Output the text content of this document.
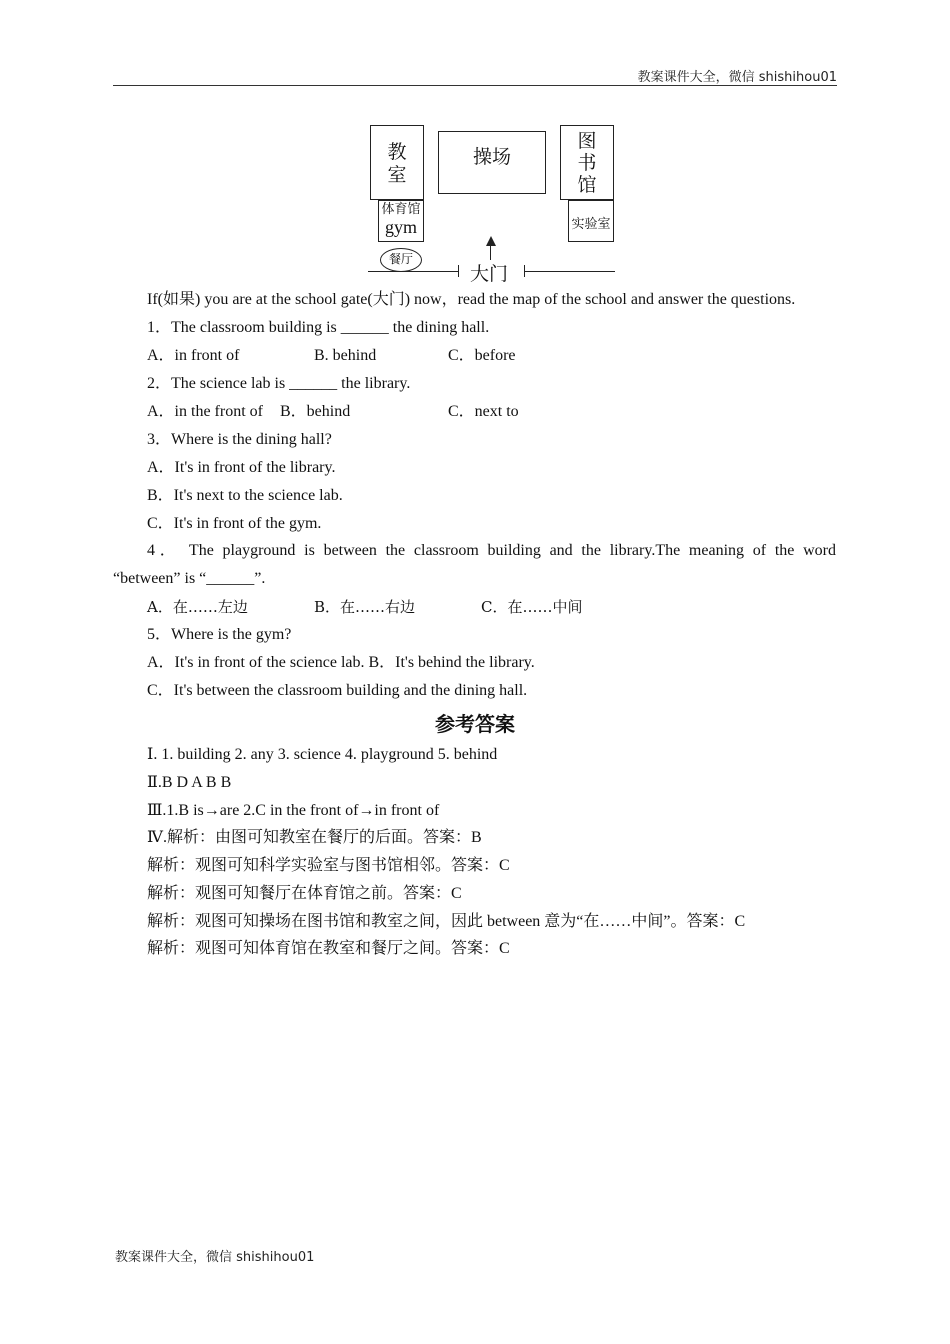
教案课件大全，微信 shishihou01
教
室
操场
图
书
馆
体育馆
gym	实验室
餐厅
大门
If(如果) you are at the school gate(大门) now，read the map of the school and answer the questions.
1．The classroom building is ______ the dining hall.
A．in front of	B. behind	C．before
2．The science lab is ______ the library.
A．in the front of B．behind	C．next to
3．Where is the dining hall?
A．It's in front of the library.
B．It's next to the science lab.
C．It's in front of the gym.
4． The playground is between the classroom building and the library.The meaning of the word
“between” is “______”.
A．在……左边	B．在……右边	C．在……中间
5．Where is the gym?
A．It's in front of the science lab. B．It's behind the library.
C．It's between the classroom building and the dining hall.
参考答案
Ⅰ. 1. building 2. any 3. science 4. playground 5. behind
Ⅱ.B D A B B
Ⅲ.1.B is→are 2.C in the front of→in front of
Ⅳ.解析：由图可知教室在餐厅的后面。答案：B
解析：观图可知科学实验室与图书馆相邻。答案：C
解析：观图可知餐厅在体育馆之前。答案：C
解析：观图可知操场在图书馆和教室之间，因此 between 意为“在……中间”。答案：C
解析：观图可知体育馆在教室和餐厅之间。答案：C
教案课件大全，微信 shishihou01
